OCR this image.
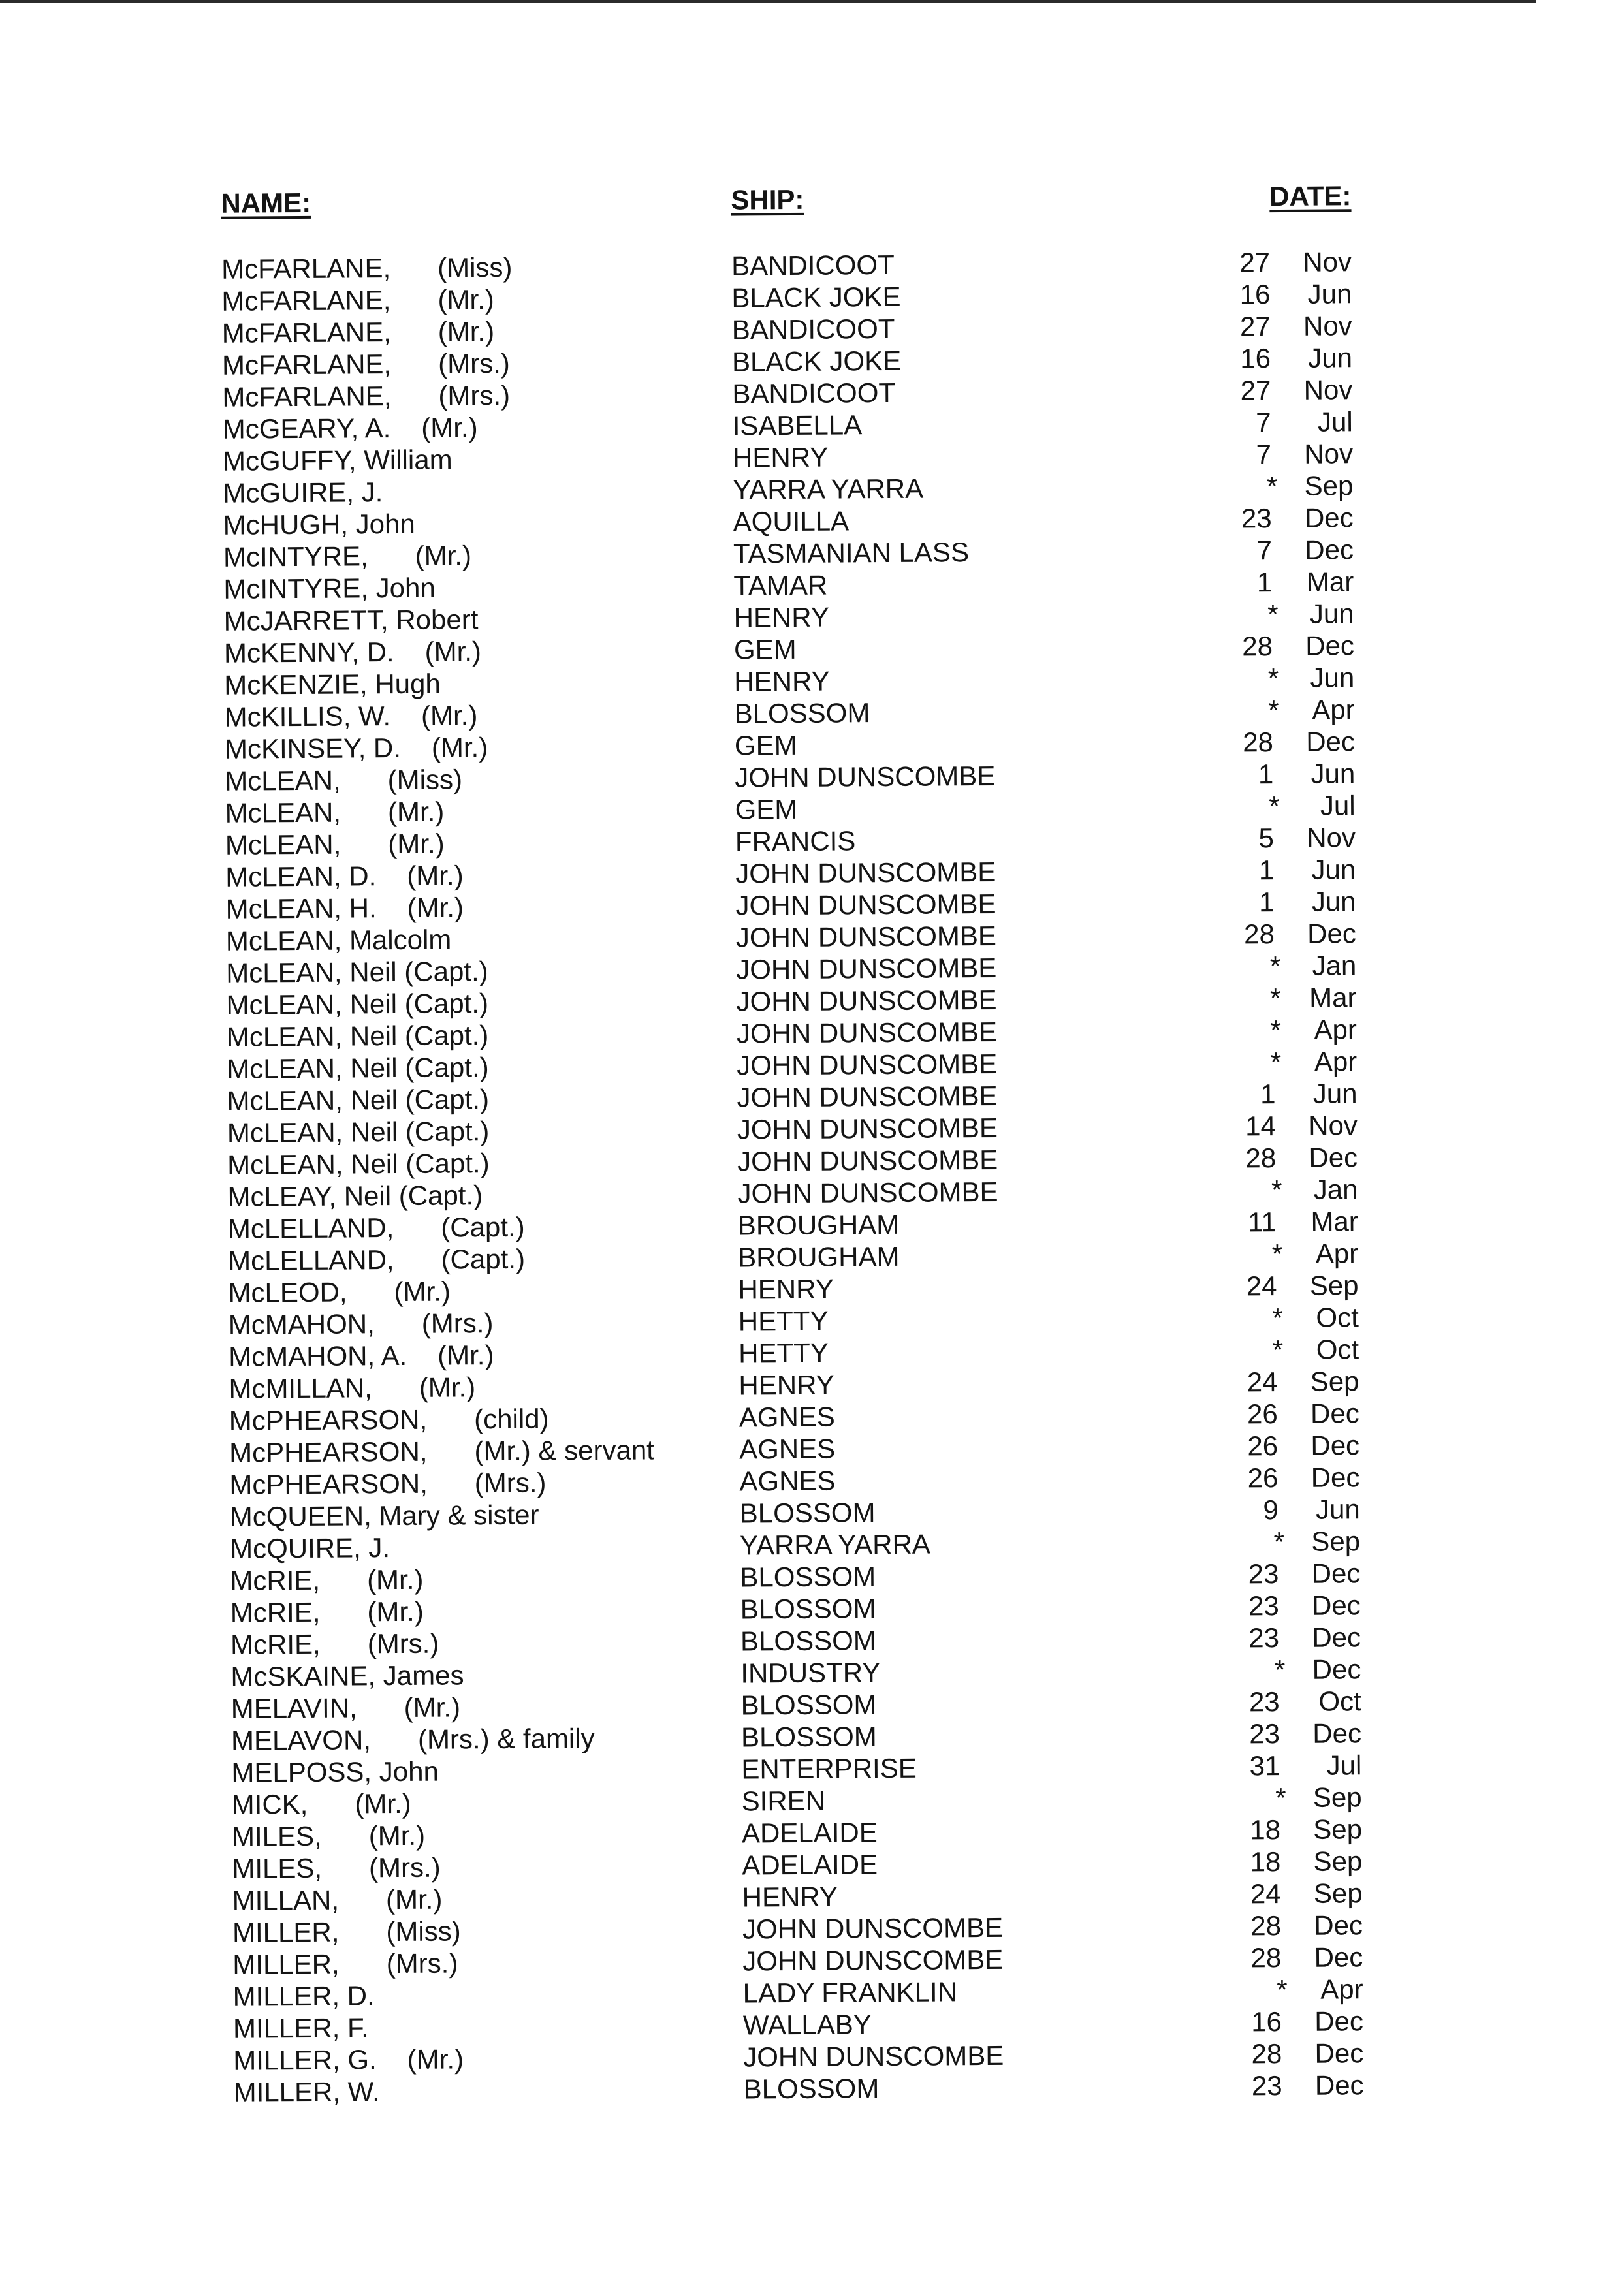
NAME:	SHIP:	DATE:
McFARLANE, (Miss)	BANDICOOT	27	Nov
McFARLANE, (Mr.)	BLACK JOKE	16	Jun
McFARLANE, (Mr.)	BANDICOOT	27	Nov
McFARLANE, (Mrs.)	BLACK JOKE	16	Jun
McFARLANE, (Mrs.)	BANDICOOT	27	Nov
McGEARY, A. (Mr.)	ISABELLA	7	Jul
McGUFFY, William	HENRY	7	Nov
McGUIRE, J.	YARRA YARRA	* Sep
McHUGH, John	AQUILLA	23	Dec
McINTYRE, (Mr.)	TASMANIAN LASS	7	Dec
McINTYRE, John	TAMAR	1	Mar
McJARRETT, Robert	HENRY	*	Jun
McKENNY, D. (Mr.)	GEM	28	Dec
McKENZIE, Hugh	HENRY	*	Jun
McKILLIS, W. (Mr.)	BLOSSOM	*	Apr
McKINSEY, D. (Mr.)	GEM	28	Dec
McLEAN, (Miss)	JOHN DUNSCOMBE	1	Jun
McLEAN, (Mr.)	GEM	*	Jul
McLEAN, (Mr.)	FRANCIS	5	Nov
McLEAN, D. (Mr.)	JOHN DUNSCOMBE	1	Jun
McLEAN, H. (Mr.)	JOHN DUNSCOMBE	1	Jun
McLEAN, Malcolm	JOHN DUNSCOMBE	28	Dec
McLEAN, Neil (Capt.)	JOHN DUNSCOMBE	*	Jan
McLEAN, Neil (Capt.)	JOHN DUNSCOMBE	*	Mar
McLEAN, Neil (Capt.)	JOHN DUNSCOMBE	*	Apr
McLEAN, Neil (Capt.)	JOHN DUNSCOMBE	*	Apr
McLEAN, Neil (Capt.)	JOHN DUNSCOMBE	1	Jun
McLEAN, Neil (Capt.)	JOHN DUNSCOMBE	14	Nov
McLEAN, Neil (Capt.)	JOHN DUNSCOMBE	28	Dec
McLEAY, Neil (Capt.)	JOHN DUNSCOMBE	*	Jan
McLELLAND, (Capt.)	BROUGHAM	11	Mar
McLELLAND, (Capt.)	BROUGHAM	*	Apr
McLEOD, (Mr.)	HENRY	24	Sep
McMAHON, (Mrs.)	HETTY	*	Oct
McMAHON, A. (Mr.)	HETTY	*	Oct
McMILLAN, (Mr.)	HENRY	24	Sep
McPHEARSON, (child)	AGNES	26	Dec
McPHEARSON, (Mr.) & servant	AGNES	26	Dec
McPHEARSON, (Mrs.)	AGNES	26	Dec
McQUEEN, Mary & sister	BLOSSOM	9	Jun
McQUIRE, J.	YARRA YARRA	* Sep
McRIE, (Mr.)	BLOSSOM	23	Dec
McRIE, (Mr.)	BLOSSOM	23	Dec
McRIE, (Mrs.)	BLOSSOM	23	Dec
McSKAINE, James	INDUSTRY	* Dec
MELAVIN, (Mr.)	BLOSSOM	23	Oct
MELAVON, (Mrs.) & family	BLOSSOM	23	Dec
MELPOSS, John	ENTERPRISE	31	Jul
MICK, (Mr.)	SIREN	* Sep
MILES, (Mr.)	ADELAIDE	18	Sep
MILES, (Mrs.)	ADELAIDE	18	Sep
MILLAN, (Mr.)	HENRY	24	Sep
MILLER, (Miss)	JOHN DUNSCOMBE	28	Dec
MILLER, (Mrs.)	JOHN DUNSCOMBE	28	Dec
MILLER, D.	LADY FRANKLIN	*	Apr
MILLER, F.	WALLABY	16	Dec
MILLER, G. (Mr.)	JOHN DUNSCOMBE	28	Dec
MILLER, W.	BLOSSOM	23	Dec
